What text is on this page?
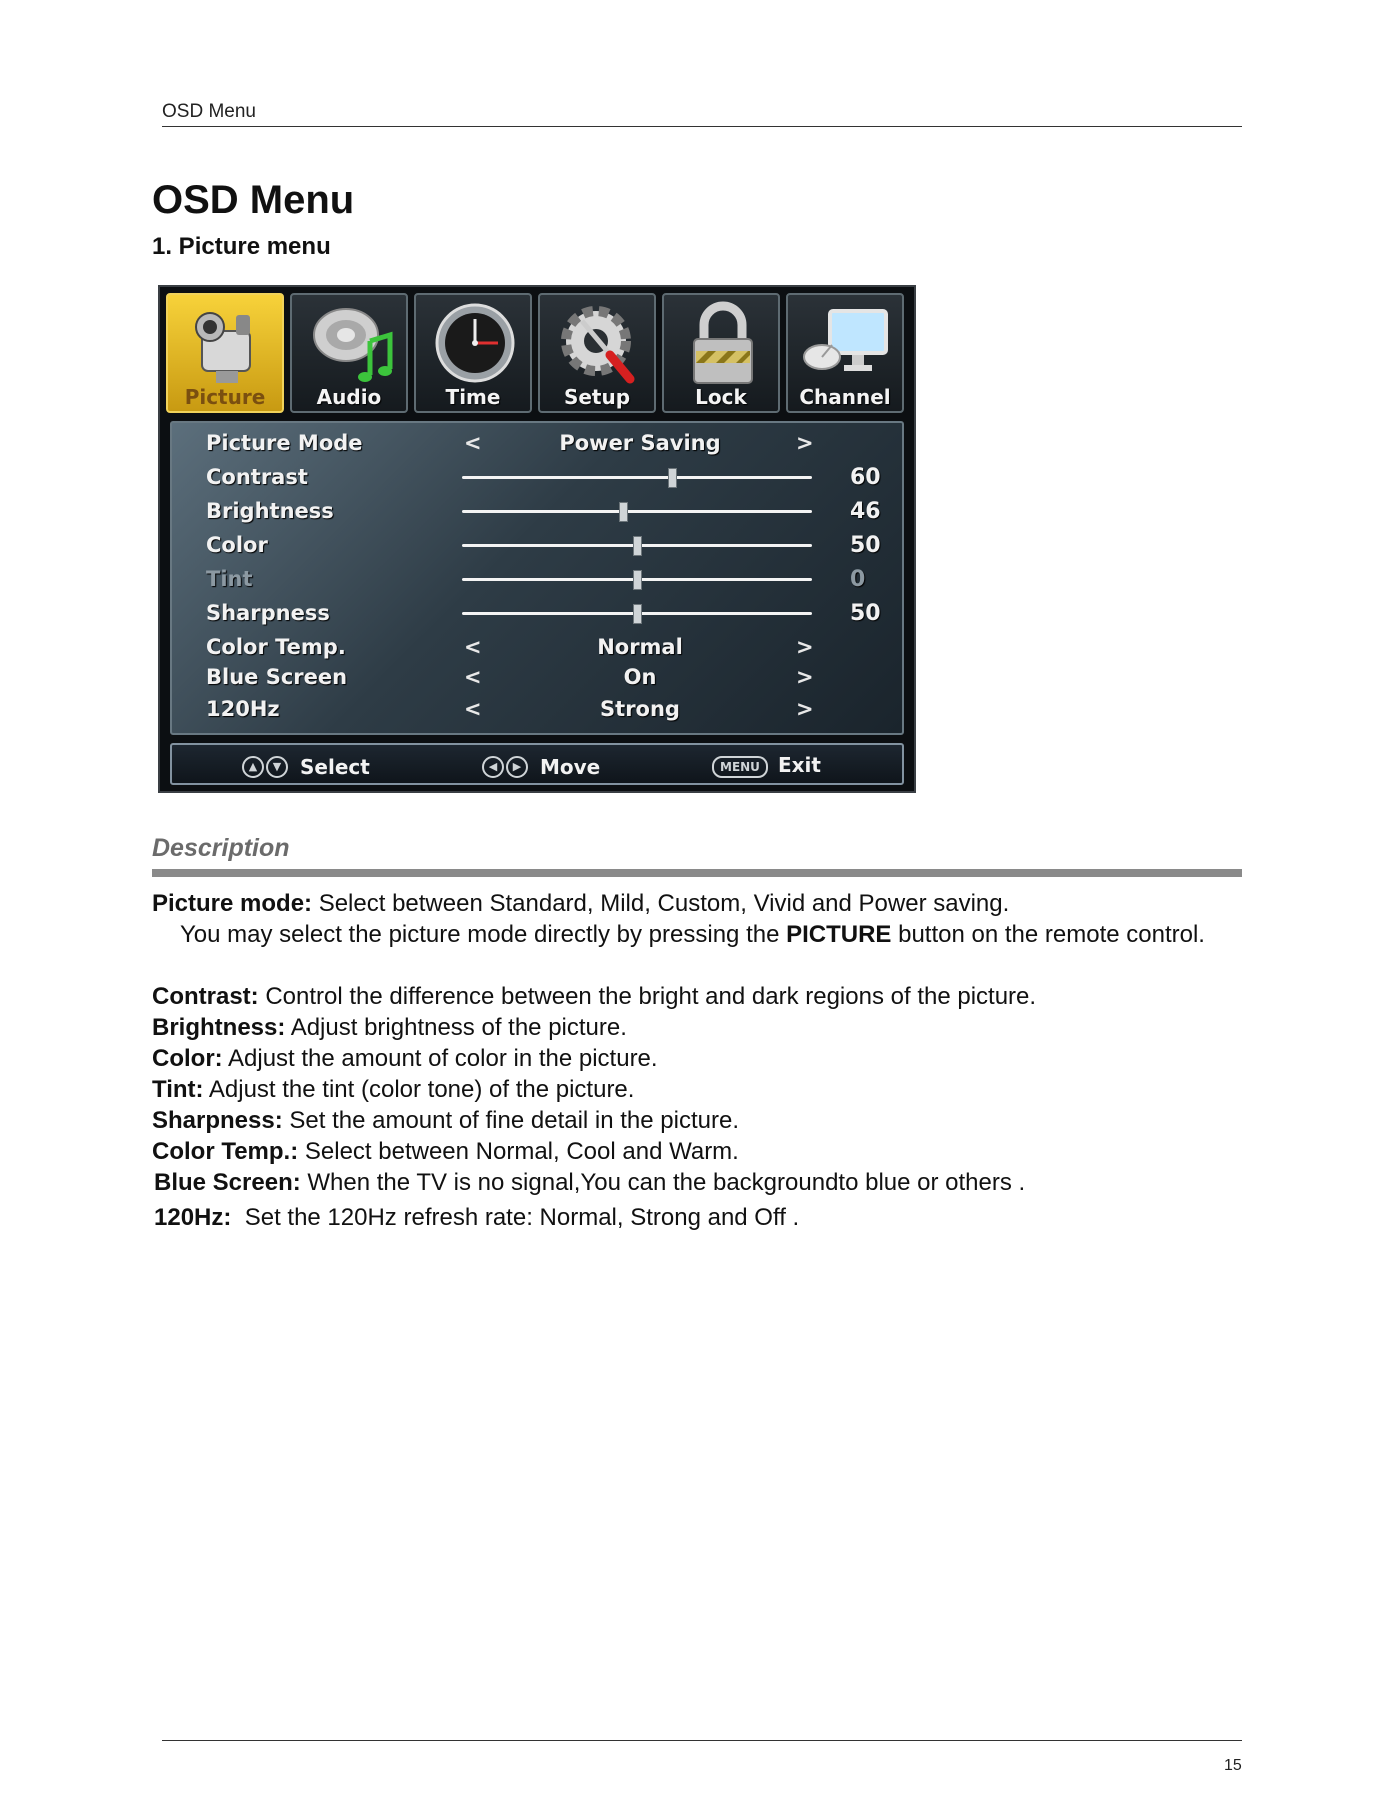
OSD Menu
OSD Menu
1. Picture menu
Picture	Audio	Time	Setup	Lock	Channel
Picture Mode	<	Power Saving	>
Contrast	60
Brightness	46
Color	50
Tint	0
Sharpness	50
Color Temp.	<	Normal	>
Blue Screen	<	On	>
120Hz	<	Strong	>
▲ ▼ Select	◀ ▶ Move	MENU Exit
Description

Picture mode: Select between Standard, Mild, Custom, Vivid and Power saving.

You may select the picture mode directly by pressing the PICTURE button on the remote control.

Contrast: Control the difference between the bright and dark regions of the picture.

Brightness: Adjust brightness of the picture.

Color: Adjust the amount of color in the picture.

Tint: Adjust the tint (color tone) of the picture.

Sharpness: Set the amount of fine detail in the picture.

Color Temp.: Select between Normal, Cool and Warm.

Blue Screen: When the TV is no signal,You can the backgroundto blue or others .

120Hz:  Set the 120Hz refresh rate: Normal, Strong and Off .

15
